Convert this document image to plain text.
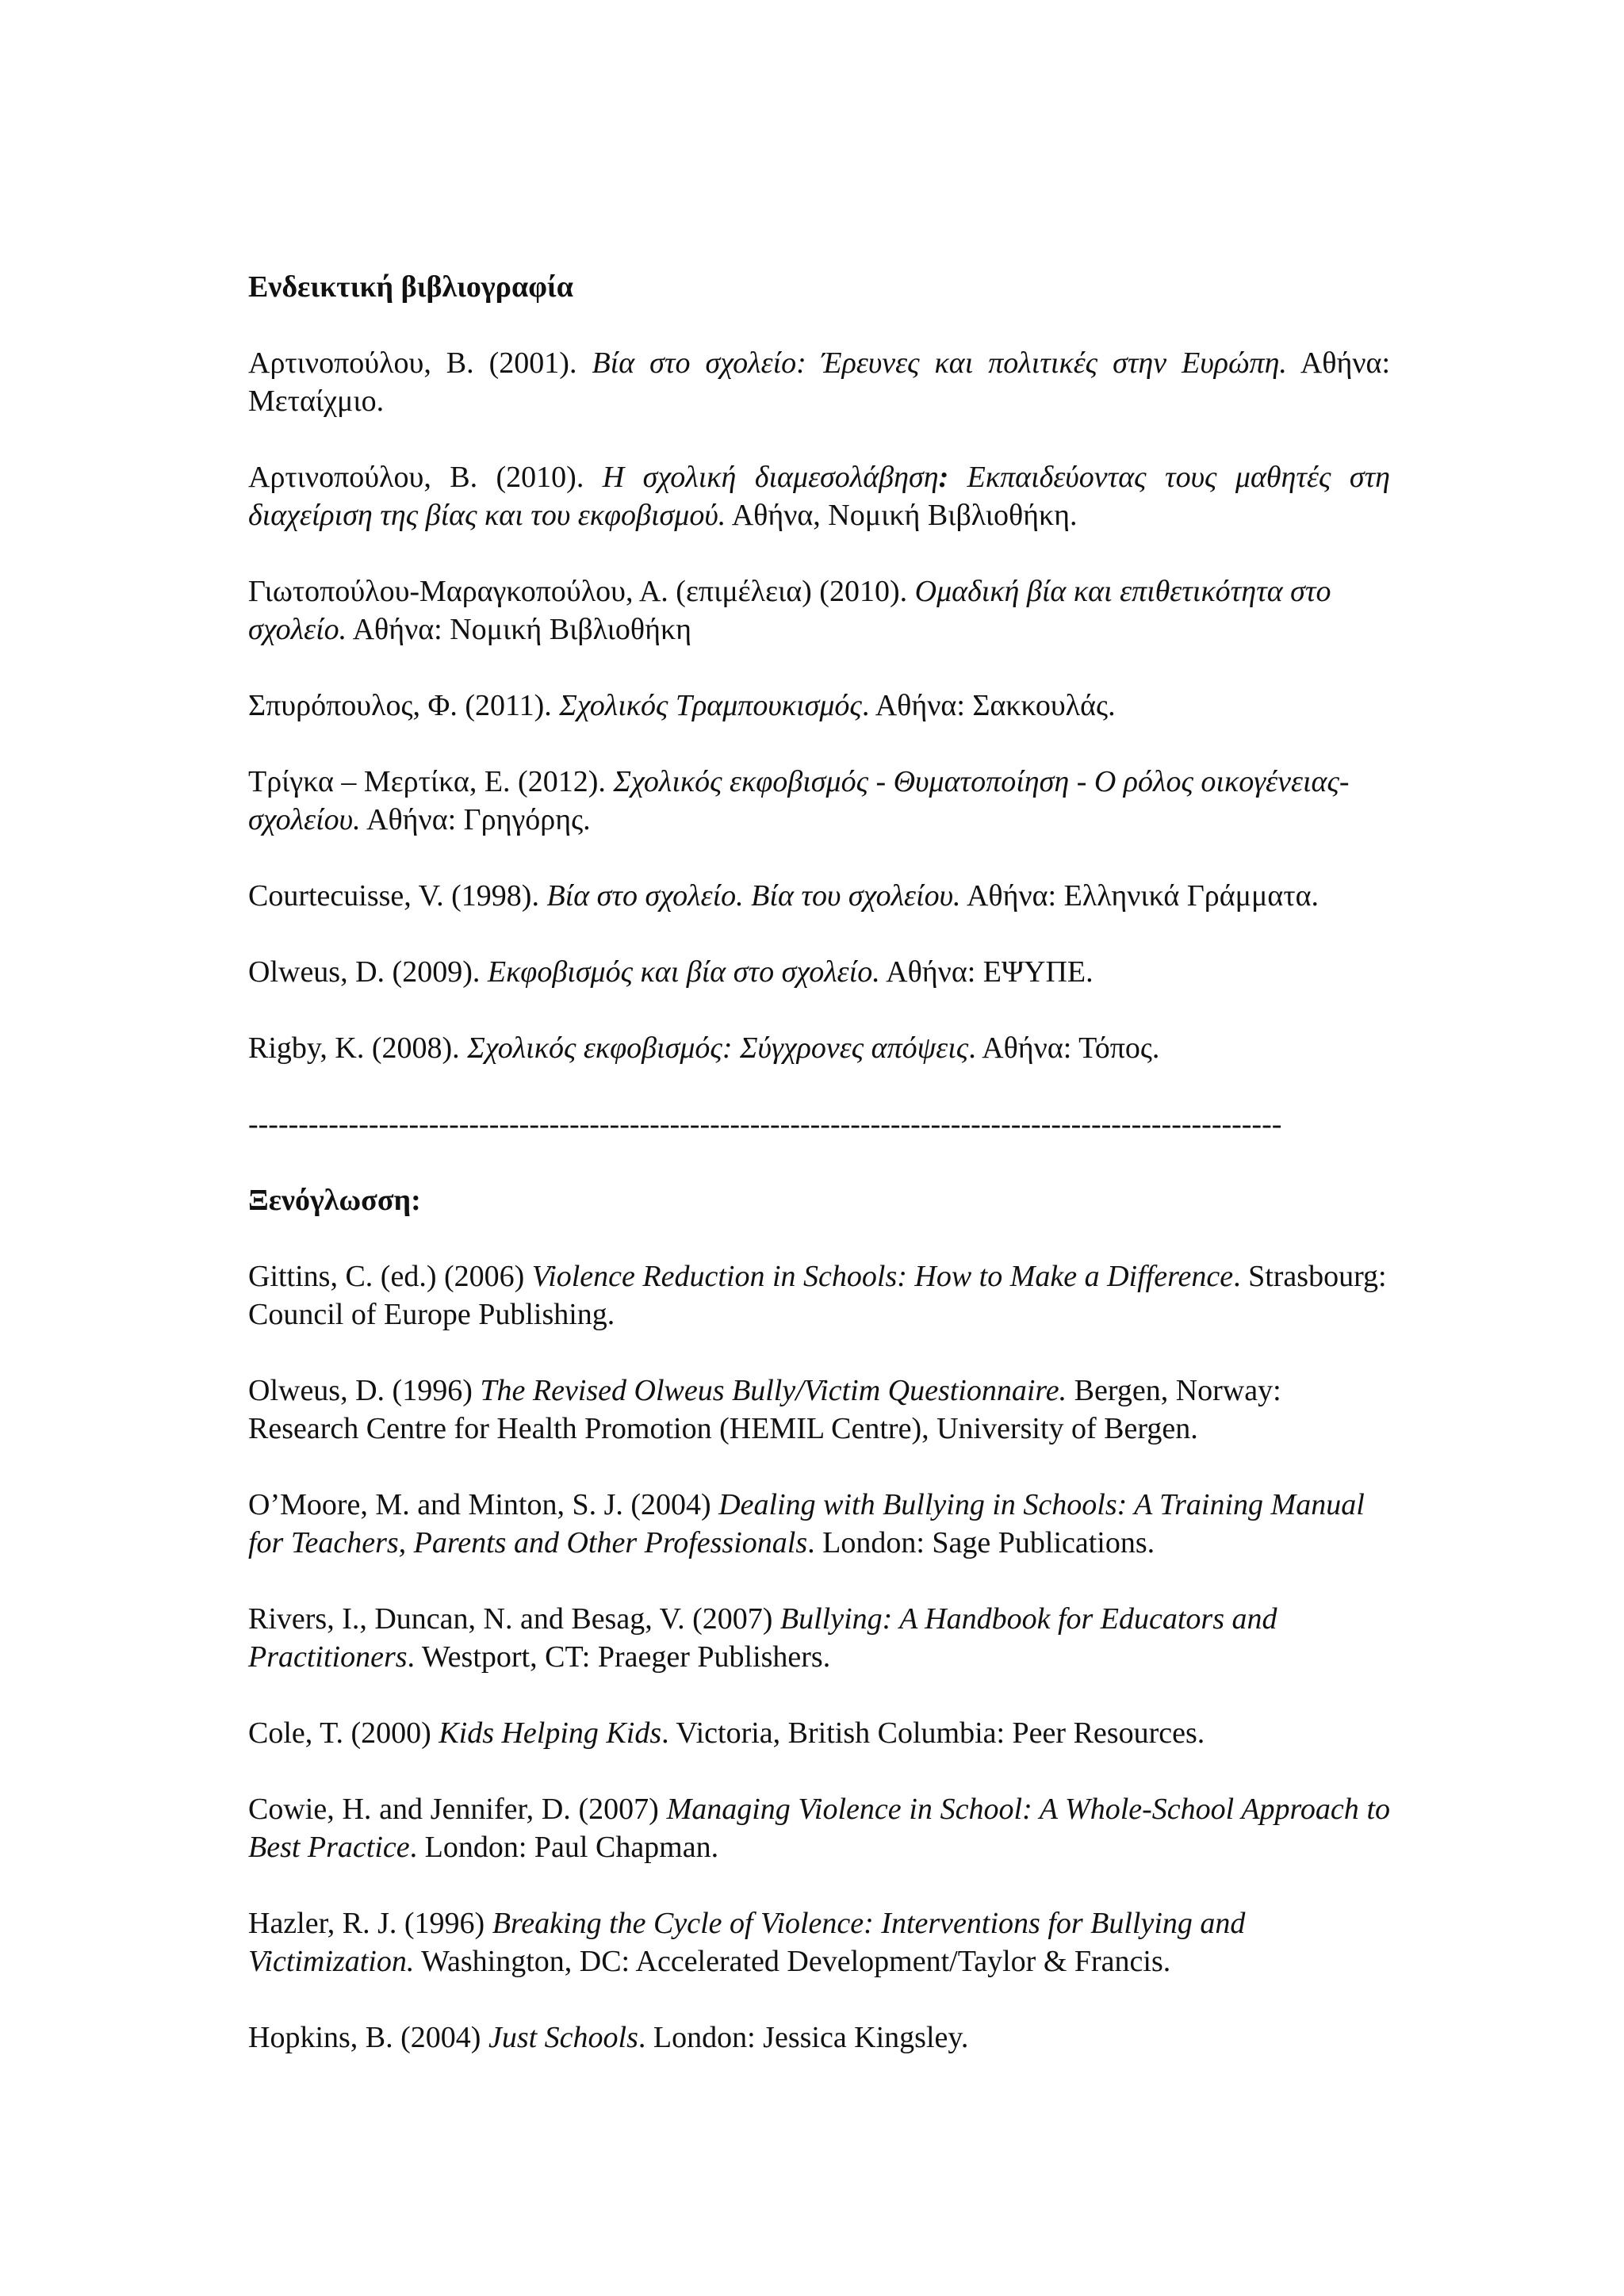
Ενδεικτική βιβλιογραφία
Αρτινοπούλου, Β. (2001). Βία στο σχολείο: Έρευνες και πολιτικές στην Ευρώπη. Αθήνα: Μεταίχμιο.
Αρτινοπούλου, Β. (2010). Η σχολική διαμεσολάβηση: Εκπαιδεύοντας τους μαθητές στη διαχείριση της βίας και του εκφοβισμού. Αθήνα, Νομική Βιβλιοθήκη.
Γιωτοπούλου-Μαραγκοπούλου, Α. (επιμέλεια) (2010). Ομαδική βία και επιθετικότητα στο σχολείο. Αθήνα: Νομική Βιβλιοθήκη
Σπυρόπουλος, Φ. (2011). Σχολικός Τραμπουκισμός. Αθήνα: Σακκουλάς.
Τρίγκα – Μερτίκα, Ε. (2012). Σχολικός εκφοβισμός - Θυματοποίηση - Ο ρόλος οικογένειας-σχολείου. Αθήνα: Γρηγόρης.
Courtecuisse, V. (1998). Βία στο σχολείο. Βία του σχολείου. Αθήνα: Ελληνικά Γράμματα.
Olweus, D. (2009). Εκφοβισμός και βία στο σχολείο. Αθήνα: ΕΨΥΠΕ.
Rigby, K. (2008). Σχολικός εκφοβισμός: Σύγχρονες απόψεις. Αθήνα: Τόπος.
-------------------------------------------------------------------------------------------------------
Ξενόγλωσση:
Gittins, C. (ed.) (2006) Violence Reduction in Schools: How to Make a Difference. Strasbourg: Council of Europe Publishing.
Olweus, D. (1996) The Revised Olweus Bully/Victim Questionnaire. Bergen, Norway: Research Centre for Health Promotion (HEMIL Centre), University of Bergen.
O’Moore, M. and Minton, S. J. (2004) Dealing with Bullying in Schools: A Training Manual for Teachers, Parents and Other Professionals. London: Sage Publications.
Rivers, I., Duncan, N. and Besag, V. (2007) Bullying: A Handbook for Educators and Practitioners. Westport, CT: Praeger Publishers.
Cole, T. (2000) Kids Helping Kids. Victoria, British Columbia: Peer Resources.
Cowie, H. and Jennifer, D. (2007) Managing Violence in School: A Whole-School Approach to Best Practice. London: Paul Chapman.
Hazler, R. J. (1996) Breaking the Cycle of Violence: Interventions for Bullying and Victimization. Washington, DC: Accelerated Development/Taylor & Francis.
Hopkins, B. (2004) Just Schools. London: Jessica Kingsley.
